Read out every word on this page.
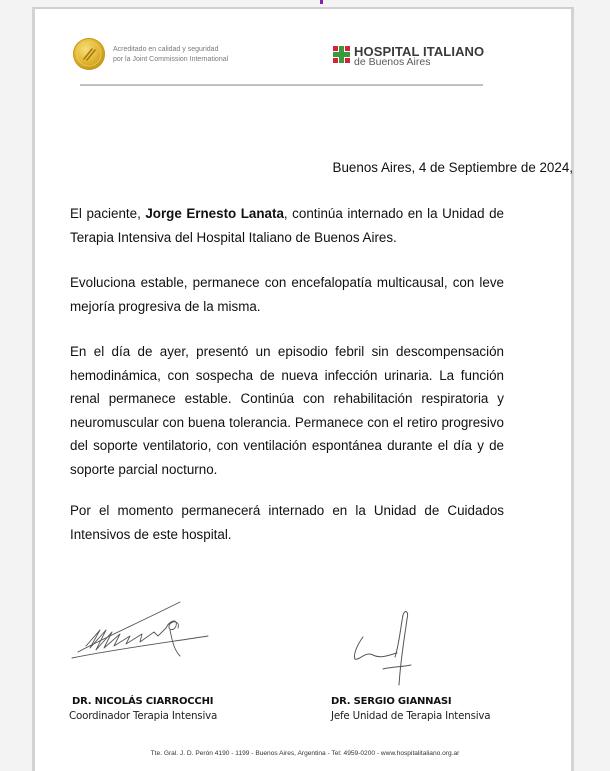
Acreditado en calidad y seguridad
por la Joint Commission International	HOSPITAL ITALIANO
de Buenos Aires
Buenos Aires, 4 de Septiembre de 2024,

El paciente, Jorge Ernesto Lanata, continúa internado en la Unidad de Terapia Intensiva del Hospital Italiano de Buenos Aires.

Evoluciona estable, permanece con encefalopatía multicausal, con leve mejoría progresiva de la misma.

En el día de ayer, presentó un episodio febril sin descompensación hemodinámica, con sospecha de nueva infección urinaria. La función renal permanece estable. Continúa con rehabilitación respiratoria y neuromuscular con buena tolerancia. Permanece con el retiro progresivo del soporte ventilatorio, con ventilación espontánea durante el día y de soporte parcial nocturno.

Por el momento permanecerá internado en la Unidad de Cuidados Intensivos de este hospital.

DR. NICOLÁS CIARROCCHI
Coordinador Terapia Intensiva
DR. SERGIO GIANNASI
Jefe Unidad de Terapia Intensiva
Tte. Gral. J. D. Perón 4190 - 1199 - Buenos Aires, Argentina - Tel: 4959-0200 - www.hospitalitaliano.org.ar
